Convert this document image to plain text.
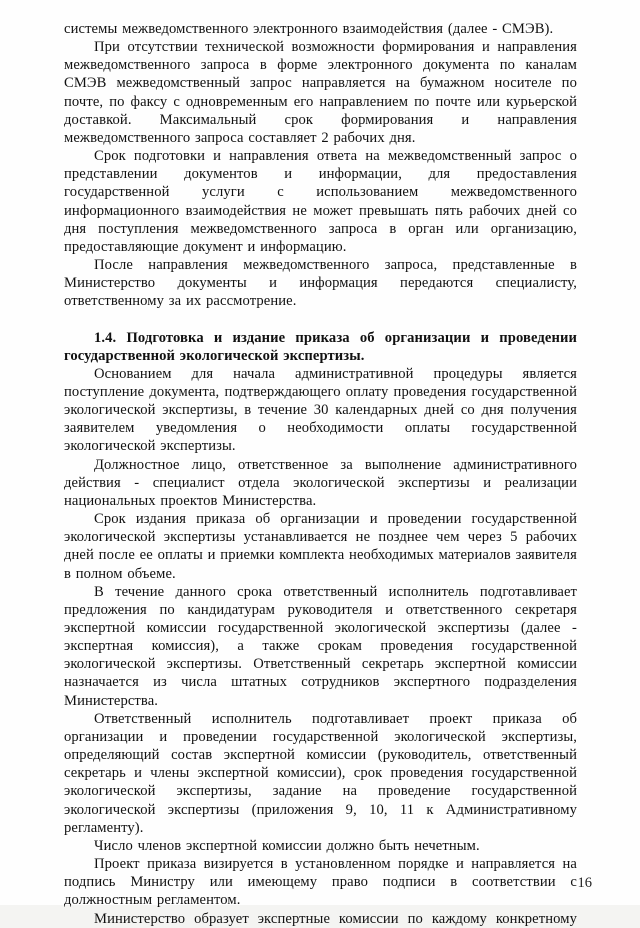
системы межведомственного электронного взаимодействия (далее - СМЭВ).

При отсутствии технической возможности формирования и направления межведомственного запроса в форме электронного документа по каналам СМЭВ межведомственный запрос направляется на бумажном носителе по почте, по факсу с одновременным его направлением по почте или курьерской доставкой. Максимальный срок формирования и направления межведомственного запроса составляет 2 рабочих дня.

Срок подготовки и направления ответа на межведомственный запрос о представлении документов и информации, для предоставления государственной услуги с использованием межведомственного информационного взаимодействия не может превышать пять рабочих дней со дня поступления межведомственного запроса в орган или организацию, предоставляющие документ и информацию.

После направления межведомственного запроса, представленные в Министерство документы и информация передаются специалисту, ответственному за их рассмотрение.

1.4. Подготовка и издание приказа об организации и проведении государственной экологической экспертизы.

Основанием для начала административной процедуры является поступление документа, подтверждающего оплату проведения государственной экологической экспертизы, в течение 30 календарных дней со дня получения заявителем уведомления о необходимости оплаты государственной экологической экспертизы.

Должностное лицо, ответственное за выполнение административного действия - специалист отдела экологической экспертизы и реализации национальных проектов Министерства.

Срок издания приказа об организации и проведении государственной экологической экспертизы устанавливается не позднее чем через 5 рабочих дней после ее оплаты и приемки комплекта необходимых материалов заявителя в полном объеме.

В течение данного срока ответственный исполнитель подготавливает предложения по кандидатурам руководителя и ответственного секретаря экспертной комиссии государственной экологической экспертизы (далее - экспертная комиссия), а также срокам проведения государственной экологической экспертизы. Ответственный секретарь экспертной комиссии назначается из числа штатных сотрудников экспертного подразделения Министерства.

Ответственный исполнитель подготавливает проект приказа об организации и проведении государственной экологической экспертизы, определяющий состав экспертной комиссии (руководитель, ответственный секретарь и члены экспертной комиссии), срок проведения государственной экологической экспертизы, задание на проведение государственной экологической экспертизы (приложения 9, 10, 11 к Административному регламенту).

Число членов экспертной комиссии должно быть нечетным.

Проект приказа визируется в установленном порядке и направляется на подпись Министру или имеющему право подписи в соответствии с должностным регламентом.

Министерство образует экспертные комиссии по каждому конкретному

16
